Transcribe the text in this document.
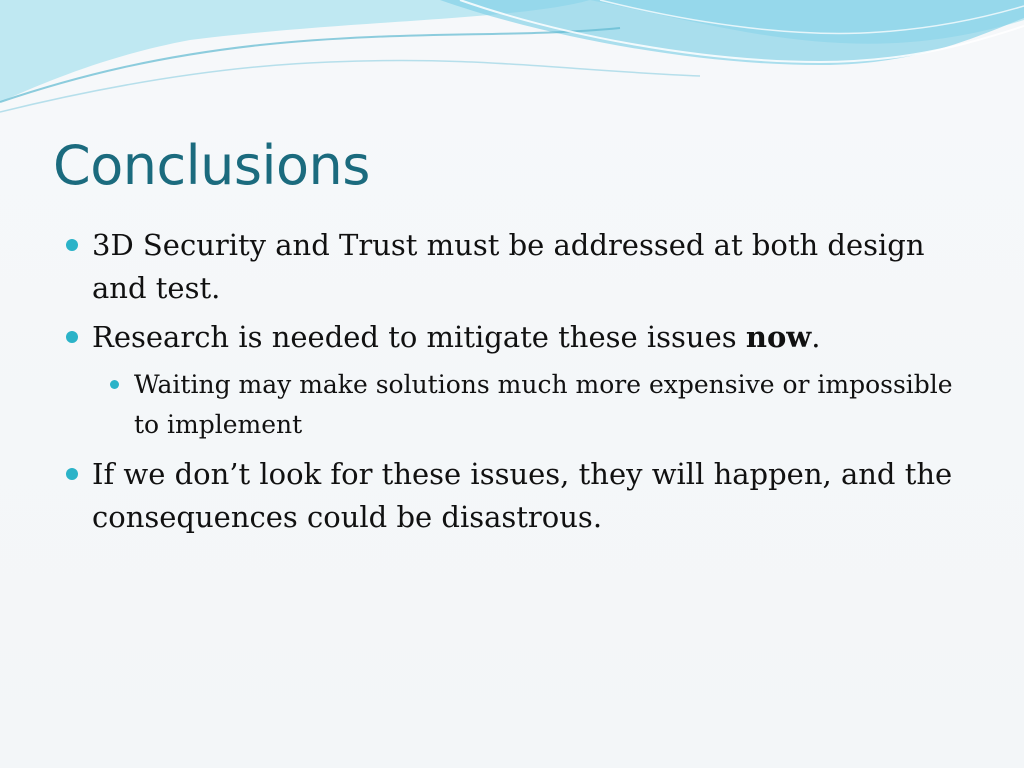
Conclusions
3D Security and Trust must be addressed at both design and test.
Research is needed to mitigate these issues now.
Waiting may make solutions much more expensive or impossible to implement
If we don’t look for these issues, they will happen, and the consequences could be disastrous.
